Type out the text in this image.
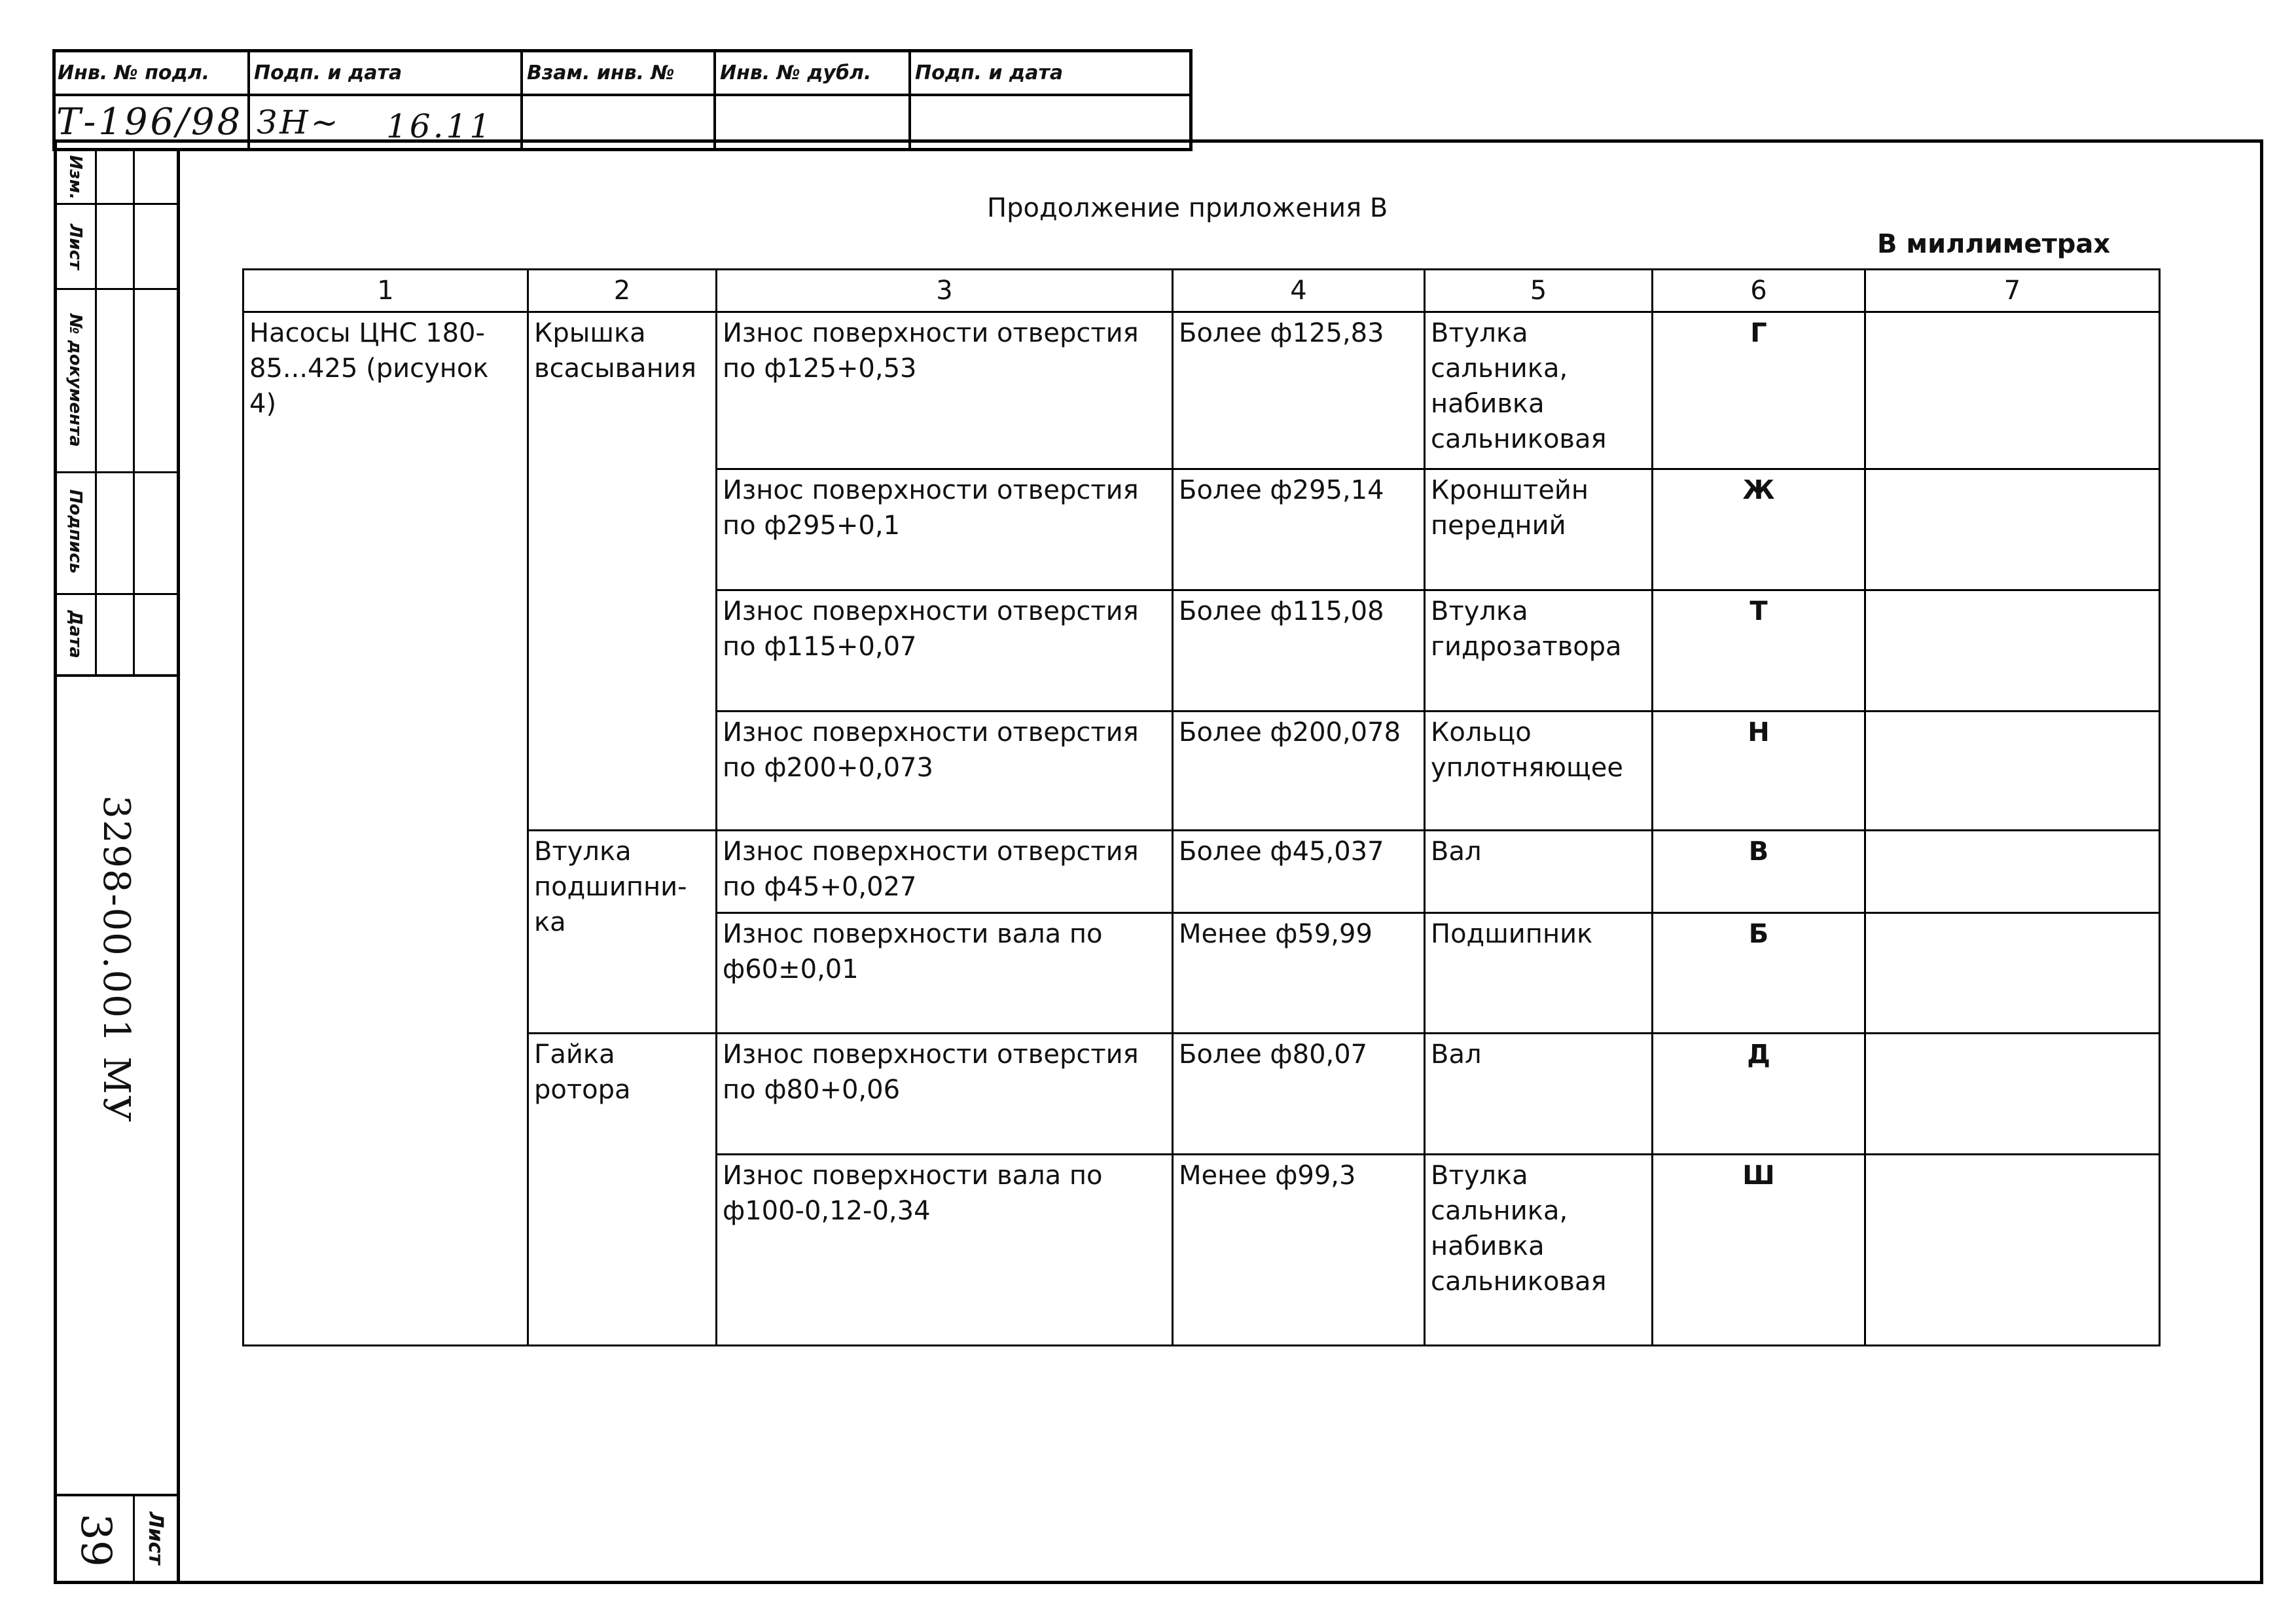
Инв. № подл.	Подп. и дата	Взам. инв. №	Инв. № дубл.	Подп. и дата
Т-196/98 ЗН∼	16.11
Изм.
Лист
№ документа
Подпись
Дата
3298-00.001 МУ
Лист
39
Продолжение приложения В
В миллиметрах
1	2	3	4	5	6	7
Насосы ЦНС 180-85...425 (рисунок 4)	Крышка всасывания	Износ поверхности отверстия по ф125+0,53	Более ф125,83	Втулка сальника, набивка сальниковая	Г	
		Износ поверхности отверстия по ф295+0,1	Более ф295,14	Кронштейн передний	Ж	
		Износ поверхности отверстия по ф115+0,07	Более ф115,08	Втулка гидрозатвора	Т	
		Износ поверхности отверстия по ф200+0,073	Более ф200,078	Кольцо уплотняющее	Н	
	Втулка подшипни-ка	Износ поверхности отверстия по ф45+0,027	Более ф45,037	Вал	В	
		Износ поверхности вала по ф60±0,01	Менее ф59,99	Подшипник	Б	
	Гайка ротора	Износ поверхности отверстия по ф80+0,06	Более ф80,07	Вал	Д	
		Износ поверхности вала по ф100-0,12-0,34	Менее ф99,3	Втулка сальника, набивка сальниковая	Ш	
